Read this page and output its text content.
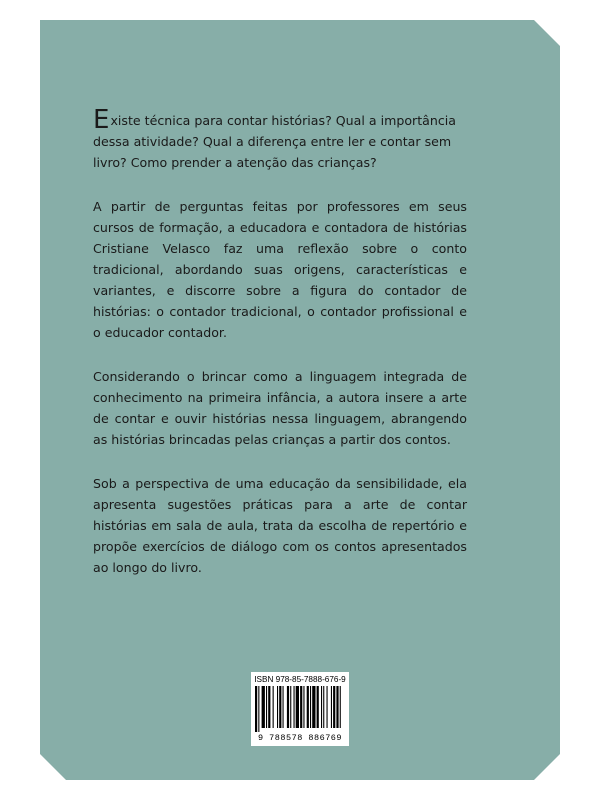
Existe técnica para contar histórias? Qual a importância dessa atividade? Qual a diferença entre ler e contar sem livro? Como prender a atenção das crianças?

A partir de perguntas feitas por professores em seus cursos de formação, a educadora e contadora de histórias Cristiane Velasco faz uma reflexão sobre o conto tradicional, abordando suas origens, características e variantes, e discorre sobre a figura do contador de histórias: o contador tradicional, o contador profissional e o educador contador.

Considerando o brincar como a linguagem integrada de conhecimento na primeira infância, a autora insere a arte de contar e ouvir histórias nessa linguagem, abrangendo as histórias brincadas pelas crianças a partir dos contos.

Sob a perspectiva de uma educação da sensibilidade, ela apresenta sugestões práticas para a arte de contar histórias em sala de aula, trata da escolha de repertório e propõe exercícios de diálogo com os contos apresentados ao longo do livro.

ISBN 978-85-7888-676-9
9 788578 886769
